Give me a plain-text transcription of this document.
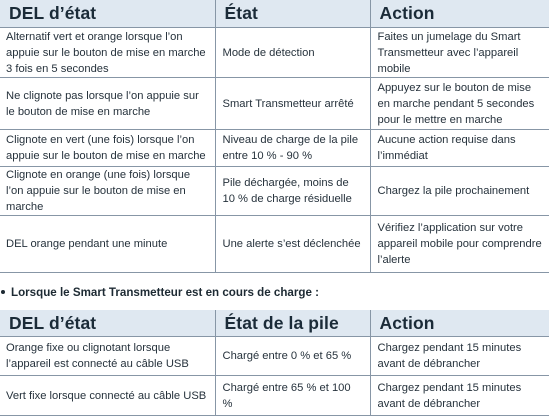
DEL d’état	État	Action
Alternatif vert et orange lorsque l’on appuie sur le bouton de mise en marche 3 fois en 5 secondes	Mode de détection	Faites un jumelage du Smart Transmetteur avec l’appareil mobile
Ne clignote pas lorsque l’on appuie sur le bouton de mise en marche	Smart Transmetteur arrêté	Appuyez sur le bouton de mise en marche pendant 5 secondes pour le mettre en marche
Clignote en vert (une fois) lorsque l’on appuie sur le bouton de mise en marche	Niveau de charge de la pile entre 10 % - 90 %	Aucune action requise dans l’immédiat
Clignote en orange (une fois) lorsque l’on appuie sur le bouton de mise en marche	Pile déchargée, moins de 10 % de charge résiduelle	Chargez la pile prochainement
DEL orange pendant une minute	Une alerte s’est déclenchée	Vérifiez l’application sur votre appareil mobile pour comprendre l’alerte
Lorsque le Smart Transmetteur est en cours de charge :
DEL d’état	État de la pile	Action
Orange fixe ou clignotant lorsque l’appareil est connecté au câble USB	Chargé entre 0 % et 65 %	Chargez pendant 15 minutes avant de débrancher
Vert fixe lorsque connecté au câble USB	Chargé entre 65 % et 100 %	Chargez pendant 15 minutes avant de débrancher
